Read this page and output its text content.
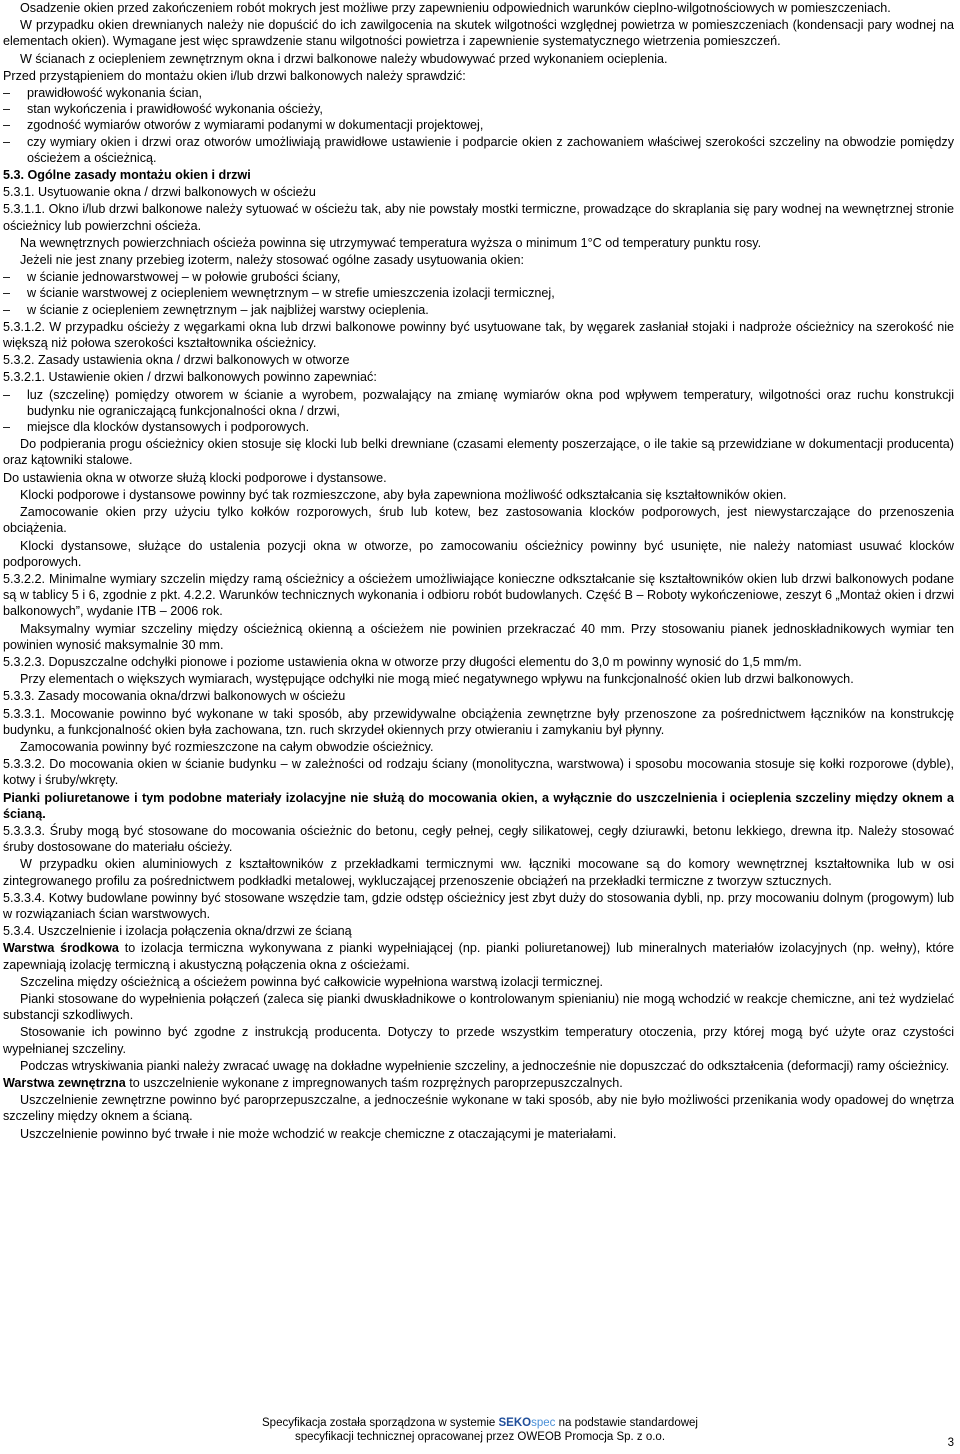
Osadzenie okien przed zakończeniem robót mokrych jest możliwe przy zapewnieniu odpowiednich warunków cieplno-wilgotnościowych w pomieszczeniach.

W przypadku okien drewnianych należy nie dopuścić do ich zawilgocenia na skutek wilgotności względnej powietrza w pomieszczeniach (kondensacji pary wodnej na elementach okien). Wymagane jest więc sprawdzenie stanu wilgotności powietrza i zapewnienie systematycznego wietrzenia pomieszczeń.

W ścianach z ociepleniem zewnętrznym okna i drzwi balkonowe należy wbudowywać przed wykonaniem ocieplenia.

Przed przystąpieniem do montażu okien i/lub drzwi balkonowych należy sprawdzić:

– prawidłowość wykonania ścian,
– stan wykończenia i prawidłowość wykonania ościeży,
– zgodność wymiarów otworów z wymiarami podanymi w dokumentacji projektowej,
– czy wymiary okien i drzwi oraz otworów umożliwiają prawidłowe ustawienie i podparcie okien z zachowaniem właściwej szerokości szczeliny na obwodzie pomiędzy ościeżem a ościeżnicą.

5.3. Ogólne zasady montażu okien i drzwi

5.3.1. Usytuowanie okna / drzwi balkonowych w ościeżu

5.3.1.1. Okno i/lub drzwi balkonowe należy sytuować w ościeżu tak, aby nie powstały mostki termiczne, prowadzące do skraplania się pary wodnej na wewnętrznej stronie ościeżnicy lub powierzchni ościeża.

Na wewnętrznych powierzchniach ościeża powinna się utrzymywać temperatura wyższa o minimum 1°C od temperatury punktu rosy.

Jeżeli nie jest znany przebieg izoterm, należy stosować ogólne zasady usytuowania okien:

– w ścianie jednowarstwowej – w połowie grubości ściany,
– w ścianie warstwowej z ociepleniem wewnętrznym – w strefie umieszczenia izolacji termicznej,
– w ścianie z ociepleniem zewnętrznym – jak najbliżej warstwy ocieplenia.

5.3.1.2. W przypadku ościeży z węgarkami okna lub drzwi balkonowe powinny być usytuowane tak, by węgarek zasłaniał stojaki i nadproże ościeżnicy na szerokość nie większą niż połowa szerokości kształtownika ościeżnicy.

5.3.2. Zasady ustawienia okna / drzwi balkonowych w otworze

5.3.2.1. Ustawienie okien / drzwi balkonowych powinno zapewniać:

– luz (szczelinę) pomiędzy otworem w ścianie a wyrobem, pozwalający na zmianę wymiarów okna pod wpływem temperatury, wilgotności oraz ruchu konstrukcji budynku nie ograniczającą funkcjonalności okna / drzwi,
– miejsce dla klocków dystansowych i podporowych.

Do podpierania progu ościeżnicy okien stosuje się klocki lub belki drewniane (czasami elementy poszerzające, o ile takie są przewidziane w dokumentacji producenta) oraz kątowniki stalowe.

Do ustawienia okna w otworze służą klocki podporowe i dystansowe.

Klocki podporowe i dystansowe powinny być tak rozmieszczone, aby była zapewniona możliwość odkształcania się kształtowników okien.

Zamocowanie okien przy użyciu tylko kołków rozporowych, śrub lub kotew, bez zastosowania klocków podporowych, jest niewystarczające do przenoszenia obciążenia.

Klocki dystansowe, służące do ustalenia pozycji okna w otworze, po zamocowaniu ościeżnicy powinny być usunięte, nie należy natomiast usuwać klocków podporowych.

5.3.2.2. Minimalne wymiary szczelin między ramą ościeżnicy a ościeżem umożliwiające konieczne odkształcanie się kształtowników okien lub drzwi balkonowych podane są w tablicy 5 i 6, zgodnie z pkt. 4.2.2. Warunków technicznych wykonania i odbioru robót budowlanych. Część B – Roboty wykończeniowe, zeszyt 6 „Montaż okien i drzwi balkonowych”, wydanie ITB – 2006 rok.

Maksymalny wymiar szczeliny między ościeżnicą okienną a ościeżem nie powinien przekraczać 40 mm. Przy stosowaniu pianek jednoskładnikowych wymiar ten powinien wynosić maksymalnie 30 mm.

5.3.2.3. Dopuszczalne odchyłki pionowe i poziome ustawienia okna w otworze przy długości elementu do 3,0 m powinny wynosić do 1,5 mm/m.

Przy elementach o większych wymiarach, występujące odchyłki nie mogą mieć negatywnego wpływu na funkcjonalność okien lub drzwi balkonowych.

5.3.3. Zasady mocowania okna/drzwi balkonowych w ościeżu

5.3.3.1. Mocowanie powinno być wykonane w taki sposób, aby przewidywalne obciążenia zewnętrzne były przenoszone za pośrednictwem łączników na konstrukcję budynku, a funkcjonalność okien była zachowana, tzn. ruch skrzydeł okiennych przy otwieraniu i zamykaniu był płynny.

Zamocowania powinny być rozmieszczone na całym obwodzie ościeżnicy.

5.3.3.2. Do mocowania okien w ścianie budynku – w zależności od rodzaju ściany (monolityczna, warstwowa) i sposobu mocowania stosuje się kołki rozporowe (dyble), kotwy i śruby/wkręty.

Pianki poliuretanowe i tym podobne materiały izolacyjne nie służą do mocowania okien, a wyłącznie do uszczelnienia i ocieplenia szczeliny między oknem a ścianą.

5.3.3.3. Śruby mogą być stosowane do mocowania ościeżnic do betonu, cegły pełnej, cegły silikatowej, cegły dziurawki, betonu lekkiego, drewna itp. Należy stosować śruby dostosowane do materiału ościeży.

W przypadku okien aluminiowych z kształtowników z przekładkami termicznymi ww. łączniki mocowane są do komory wewnętrznej kształtownika lub w osi zintegrowanego profilu za pośrednictwem podkładki metalowej, wykluczającej przenoszenie obciążeń na przekładki termiczne z tworzyw sztucznych.

5.3.3.4. Kotwy budowlane powinny być stosowane wszędzie tam, gdzie odstęp ościeżnicy jest zbyt duży do stosowania dybli, np. przy mocowaniu dolnym (progowym) lub w rozwiązaniach ścian warstwowych.

5.3.4. Uszczelnienie i izolacja połączenia okna/drzwi ze ścianą

Warstwa środkowa to izolacja termiczna wykonywana z pianki wypełniającej (np. pianki poliuretanowej) lub mineralnych materiałów izolacyjnych (np. wełny), które zapewniają izolację termiczną i akustyczną połączenia okna z ościeżami.

Szczelina między ościeżnicą a ościeżem powinna być całkowicie wypełniona warstwą izolacji termicznej.

Pianki stosowane do wypełnienia połączeń (zaleca się pianki dwuskładnikowe o kontrolowanym spienianiu) nie mogą wchodzić w reakcje chemiczne, ani też wydzielać substancji szkodliwych.

Stosowanie ich powinno być zgodne z instrukcją producenta. Dotyczy to przede wszystkim temperatury otoczenia, przy której mogą być użyte oraz czystości wypełnianej szczeliny.

Podczas wtryskiwania pianki należy zwracać uwagę na dokładne wypełnienie szczeliny, a jednocześnie nie dopuszczać do odkształcenia (deformacji) ramy ościeżnicy.

Warstwa zewnętrzna to uszczelnienie wykonane z impregnowanych taśm rozprężnych paroprzepuszczalnych.

Uszczelnienie zewnętrzne powinno być paroprzepuszczalne, a jednocześnie wykonane w taki sposób, aby nie było możliwości przenikania wody opadowej do wnętrza szczeliny między oknem a ścianą.

Uszczelnienie powinno być trwałe i nie może wchodzić w reakcje chemiczne z otaczającymi je materiałami.

Specyfikacja została sporządzona w systemie SEKOspec na podstawie standardowej
specyfikacji technicznej opracowanej przez OWEOB Promocja Sp. z o.o.	3
